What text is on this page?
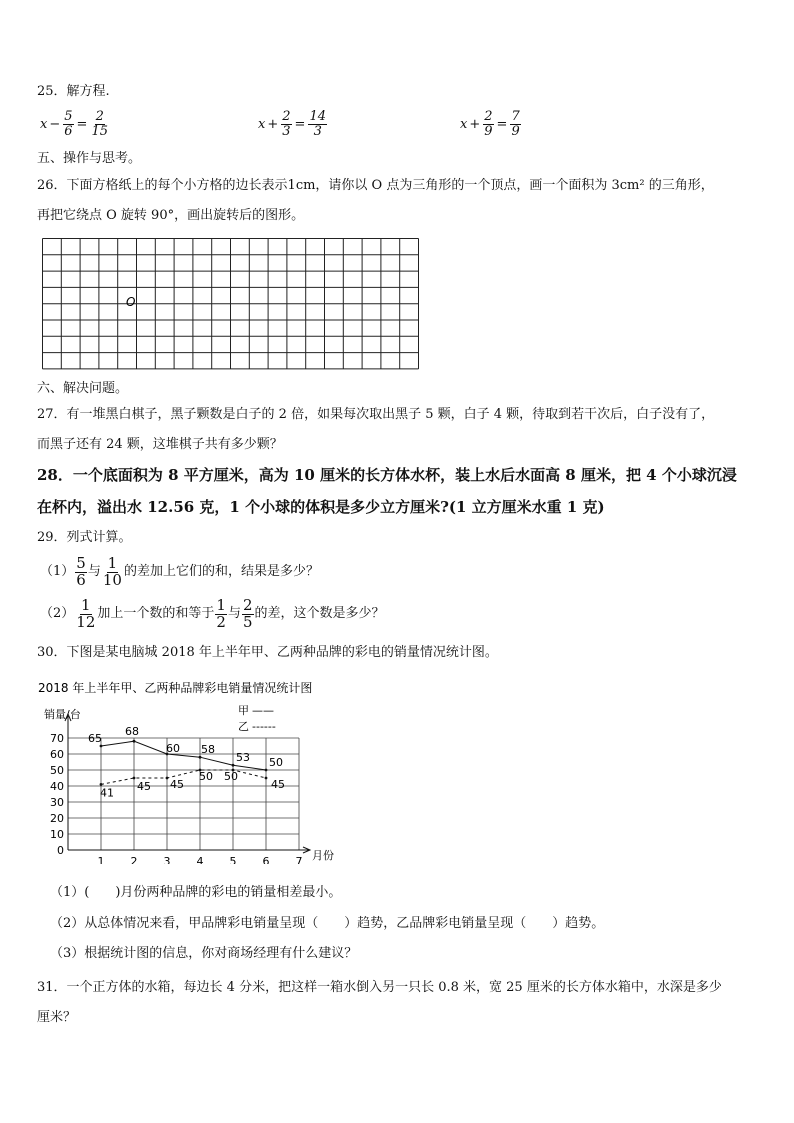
25．解方程.
$x - \frac{5}{6} = \frac{2}{15}$	$x + \frac{2}{3} = \frac{14}{3}$	$x + \frac{2}{9} = \frac{7}{9}$
五、操作与思考。
26．下面方格纸上的每个小方格的边长表示1cm，请你以 O 点为三角形的一个顶点，画一个面积为 3cm² 的三角形，
再把它绕点 O 旋转 90°，画出旋转后的图形。
O
六、解决问题。
27．有一堆黑白棋子，黑子颗数是白子的 2 倍，如果每次取出黑子 5 颗，白子 4 颗，待取到若干次后，白子没有了，
而黑子还有 24 颗，这堆棋子共有多少颗？
28．一个底面积为 8 平方厘米，高为 10 厘米的长方体水杯，装上水后水面高 8 厘米，把 4 个小球沉浸
在杯内，溢出水 12.56 克，1 个小球的体积是多少立方厘米?(1 立方厘米水重 1 克)
29．列式计算。
$(1) \frac{5}{6}$ 与 $\frac{1}{10}$ 的差加上它们的和，结果是多少？
$(2) \frac{1}{12}$ 加上一个数的和等于 $\frac{1}{2}$ 与 $\frac{2}{5}$ 的差，这个数是多少？
30．下图是某电脑城 2018 年上半年甲、乙两种品牌的彩电的销量情况统计图。
2018 年上半年甲、乙两种品牌彩电销量情况统计图
销量/台
月份
甲 ——
乙 ------
0
10
20
30
40
50
60
70
1 2 3 4 5 6 7
65
68
60 58
53 50
41 45 45
50 50
45
（1）(　　)月份两种品牌的彩电的销量相差最小。
（2）从总体情况来看，甲品牌彩电销量呈现（　　）趋势，乙品牌彩电销量呈现（　　）趋势。
（3）根据统计图的信息，你对商场经理有什么建议？
31．一个正方体的水箱，每边长 4 分米，把这样一箱水倒入另一只长 0.8 米，宽 25 厘米的长方体水箱中，水深是多少
厘米？
